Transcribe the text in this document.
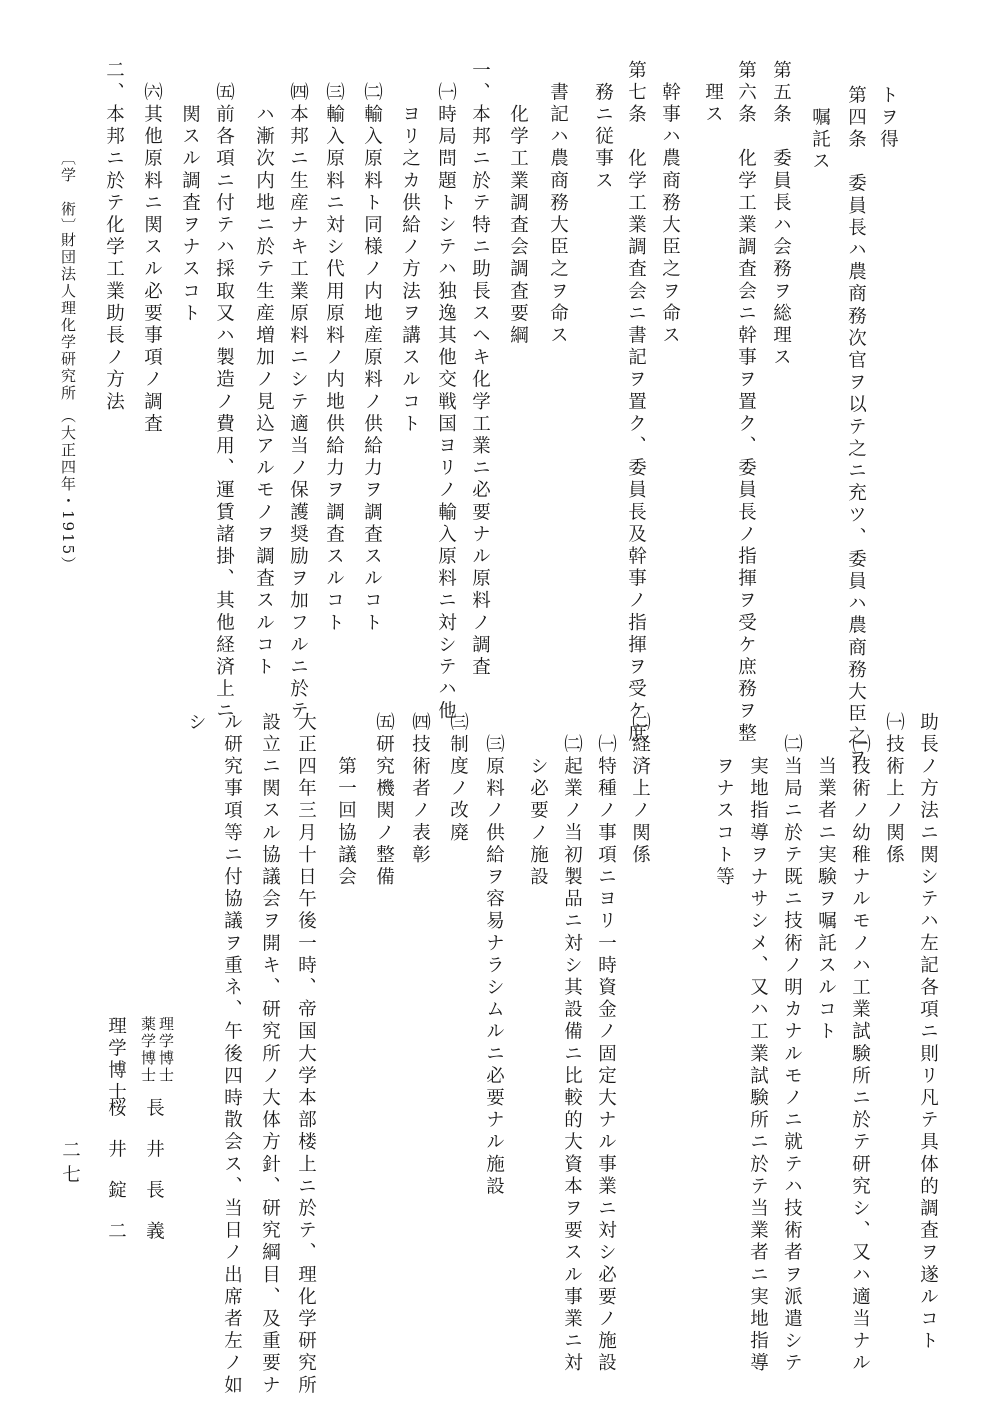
トヲ得
第四条　委員長ハ農商務次官ヲ以テ之ニ充ツ、委員ハ農商務大臣之ヲ
　嘱託ス
第五条　委員長ハ会務ヲ総理ス
第六条　化学工業調査会ニ幹事ヲ置ク、委員長ノ指揮ヲ受ケ庶務ヲ整
　理ス
　幹事ハ農商務大臣之ヲ命ス
第七条　化学工業調査会ニ書記ヲ置ク、委員長及幹事ノ指揮ヲ受ケ庶
　務ニ従事ス
　書記ハ農商務大臣之ヲ命ス
　　化学工業調査会調査要綱
一、本邦ニ於テ特ニ助長スヘキ化学工業ニ必要ナル原料ノ調査
　㈠時局問題トシテハ独逸其他交戦国ヨリノ輸入原料ニ対シテハ他
　　ヨリ之カ供給ノ方法ヲ講スルコト
　㈡輸入原料ト同様ノ内地産原料ノ供給力ヲ調査スルコト
　㈢輸入原料ニ対シ代用原料ノ内地供給力ヲ調査スルコト
　㈣本邦ニ生産ナキ工業原料ニシテ適当ノ保護奨励ヲ加フルニ於テ
　　ハ漸次内地ニ於テ生産増加ノ見込アルモノヲ調査スルコト
　㈤前各項ニ付テハ採取又ハ製造ノ費用、運賃諸掛、其他経済上ニ
　　関スル調査ヲナスコト
　㈥其他原料ニ関スル必要事項ノ調査
二、本邦ニ於テ化学工業助長ノ方法
〔学　術〕
財団法人理化学研究所
（大正四年・1915）
助長ノ方法ニ関シテハ左記各項ニ則リ凡テ具体的調査ヲ遂ルコト
㈠技術上ノ関係
　㈠技術ノ幼稚ナルモノハ工業試験所ニ於テ研究シ、又ハ適当ナル
　　当業者ニ実験ヲ嘱託スルコト
　㈡当局ニ於テ既ニ技術ノ明カナルモノニ就テハ技術者ヲ派遣シテ
　　実地指導ヲナサシメ、又ハ工業試験所ニ於テ当業者ニ実地指導
　　ヲナスコト等
㈡経済上ノ関係
　㈠特種ノ事項ニヨリ一時資金ノ固定大ナル事業ニ対シ必要ノ施設
　㈡起業ノ当初製品ニ対シ其設備ニ比較的大資本ヲ要スル事業ニ対
　　シ必要ノ施設
　㈢原料ノ供給ヲ容易ナラシムルニ必要ナル施設
㈢制度ノ改廃
㈣技術者ノ表彰
㈤研究機関ノ整備
　　第一回協議会
大正四年三月十日午後一時、帝国大学本部楼上ニ於テ、理化学研究所
設立ニ関スル協議会ヲ開キ、研究所ノ大体方針、研究綱目、及重要ナ
ル研究事項等ニ付協議ヲ重ネ、午後四時散会ス、当日ノ出席者左ノ如
シ
理学博士
薬学博士
長　井　長　義
理学博士
桜　井　錠　二
二七
